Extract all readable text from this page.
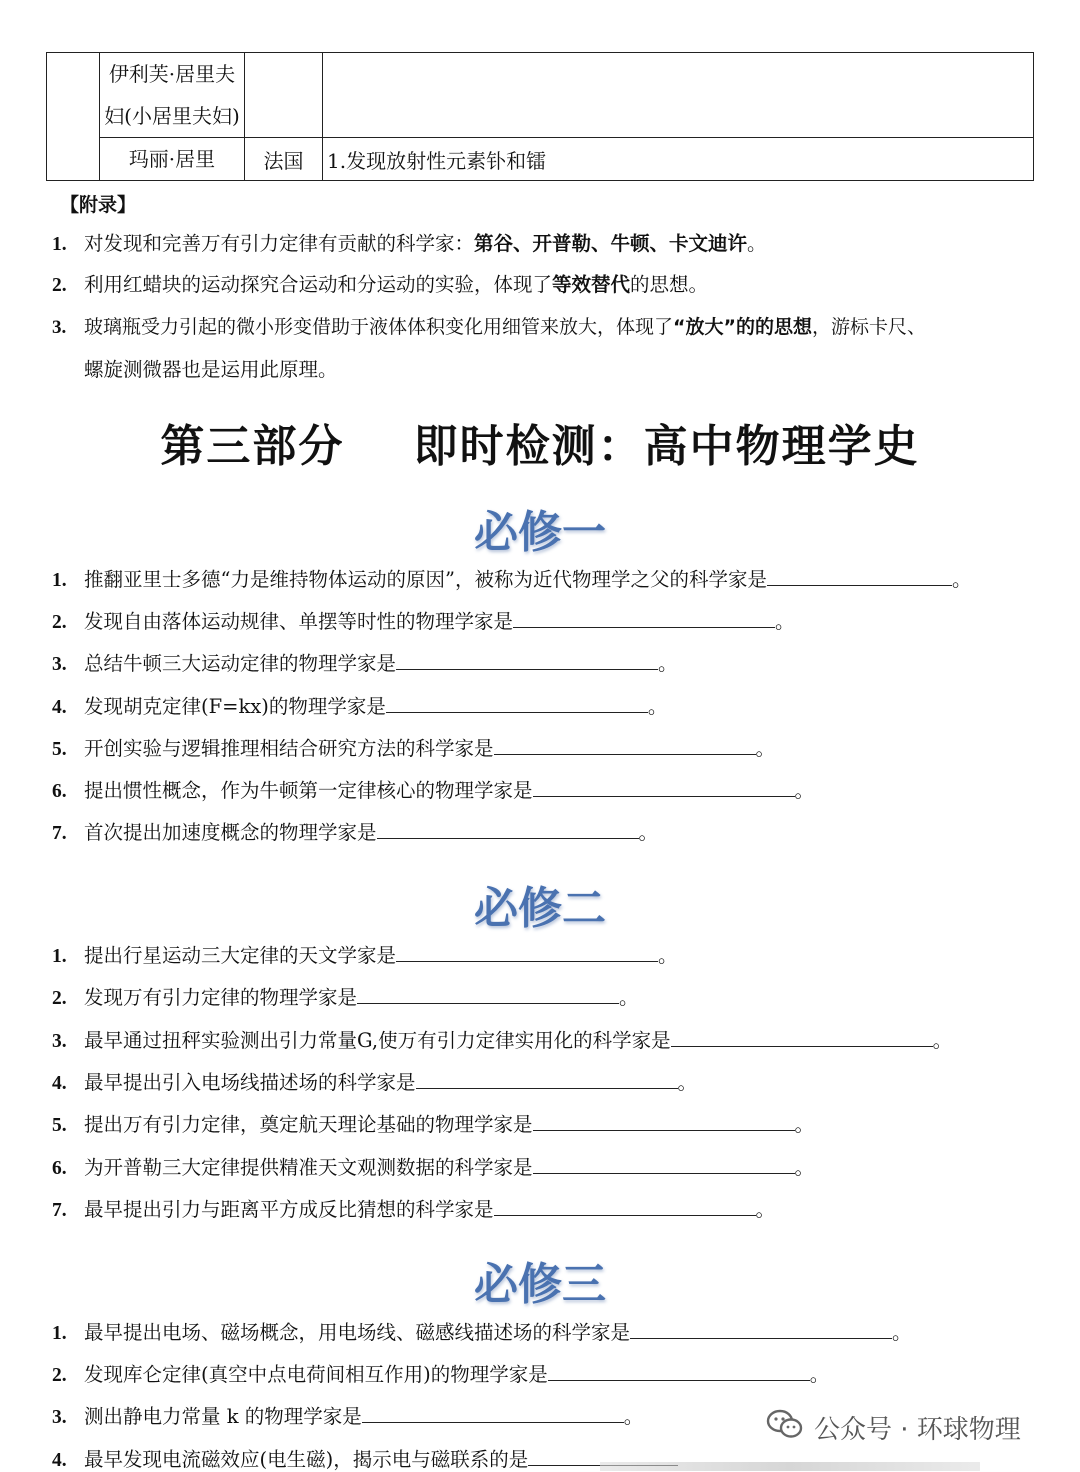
	伊利芙·居里夫
妇(小居里夫妇)		

	玛丽·居里	法国	1.发现放射性元素钋和镭
【附录】
1. 对发现和完善万有引力定律有贡献的科学家：第谷、开普勒、牛顿、卡文迪许。
2. 利用红蜡块的运动探究合运动和分运动的实验，体现了等效替代的思想。
3. 玻璃瓶受力引起的微小形变借助于液体体积变化用细管来放大，体现了“放大”的的思想，游标卡尺、
螺旋测微器也是运用此原理。
第三部分    即时检测：高中物理学史
必修一
1. 推翻亚里士多德“力是维持物体运动的原因”，被称为近代物理学之父的科学家是	。
2. 发现自由落体运动规律、单摆等时性的物理学家是	。
3. 总结牛顿三大运动定律的物理学家是	。
4. 发现胡克定律(F=kx)的物理学家是	。
5. 开创实验与逻辑推理相结合研究方法的科学家是	。
6. 提出惯性概念，作为牛顿第一定律核心的物理学家是	。
7. 首次提出加速度概念的物理学家是	。
必修二
1. 提出行星运动三大定律的天文学家是	。
2. 发现万有引力定律的物理学家是	。
3. 最早通过扭秤实验测出引力常量G,使万有引力定律实用化的科学家是	。
4. 最早提出引入电场线描述场的科学家是	。
5. 提出万有引力定律，奠定航天理论基础的物理学家是	。
6. 为开普勒三大定律提供精准天文观测数据的科学家是	。
7. 最早提出引力与距离平方成反比猜想的科学家是	。
必修三
1. 最早提出电场、磁场概念，用电场线、磁感线描述场的科学家是	。
2. 发现库仑定律(真空中点电荷间相互作用)的物理学家是	。
3. 测出静电力常量 k 的物理学家是	。
4. 最早发现电流磁效应(电生磁)，揭示电与磁联系的是
公众号 · 环球物理
